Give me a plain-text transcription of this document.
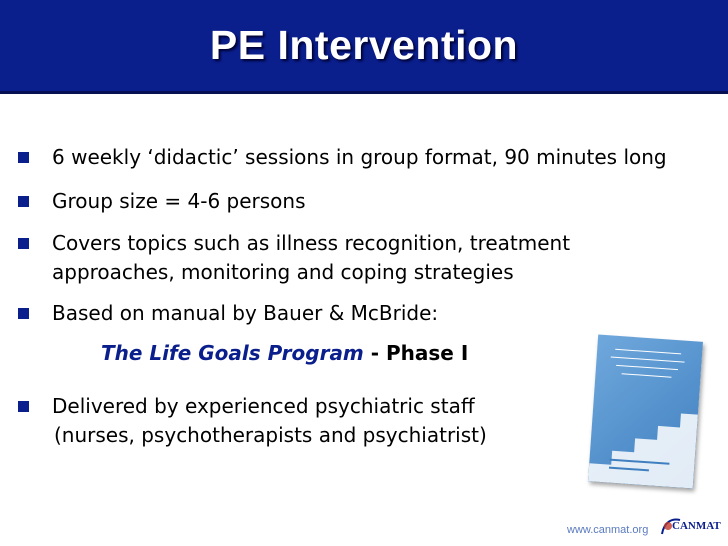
PE Intervention
6 weekly ‘didactic’ sessions in group format, 90 minutes long
Group size = 4-6 persons
Covers topics such as illness recognition, treatment
approaches, monitoring and coping strategies
Based on manual by Bauer & McBride:
Delivered by experienced psychiatric staff
(nurses, psychotherapists and psychiatrist)
The Life Goals Program - Phase I
www.canmat.org CANMAT
